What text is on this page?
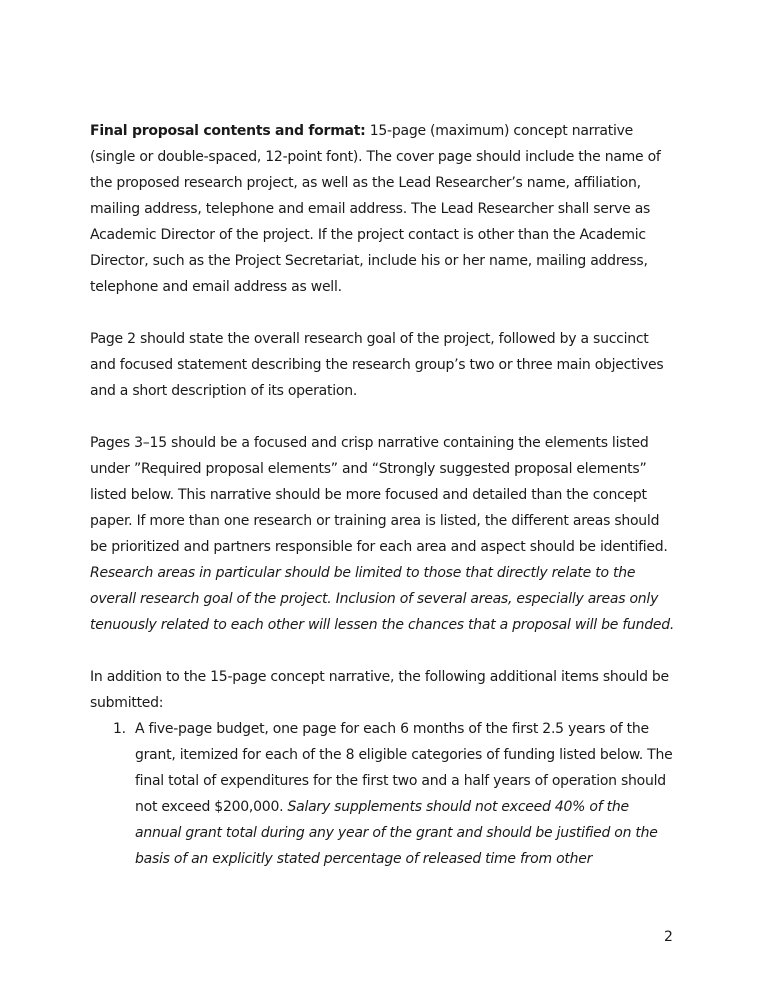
Final proposal contents and format: 15-page (maximum) concept narrative (single or double-spaced, 12-point font). The cover page should include the name of the proposed research project, as well as the Lead Researcher’s name, affiliation, mailing address, telephone and email address. The Lead Researcher shall serve as Academic Director of the project. If the project contact is other than the Academic Director, such as the Project Secretariat, include his or her name, mailing address, telephone and email address as well.

Page 2 should state the overall research goal of the project, followed by a succinct and focused statement describing the research group’s two or three main objectives and a short description of its operation.

Pages 3–15 should be a focused and crisp narrative containing the elements listed under ”Required proposal elements” and “Strongly suggested proposal elements” listed below. This narrative should be more focused and detailed than the concept paper. If more than one research or training area is listed, the different areas should be prioritized and partners responsible for each area and aspect should be identified. Research areas in particular should be limited to those that directly relate to the overall research goal of the project. Inclusion of several areas, especially areas only tenuously related to each other will lessen the chances that a proposal will be funded.

In addition to the 15-page concept narrative, the following additional items should be submitted:

1. A five-page budget, one page for each 6 months of the first 2.5 years of the grant, itemized for each of the 8 eligible categories of funding listed below. The final total of expenditures for the first two and a half years of operation should not exceed $200,000. Salary supplements should not exceed 40% of the annual grant total during any year of the grant and should be justified on the basis of an explicitly stated percentage of released time from other
2
